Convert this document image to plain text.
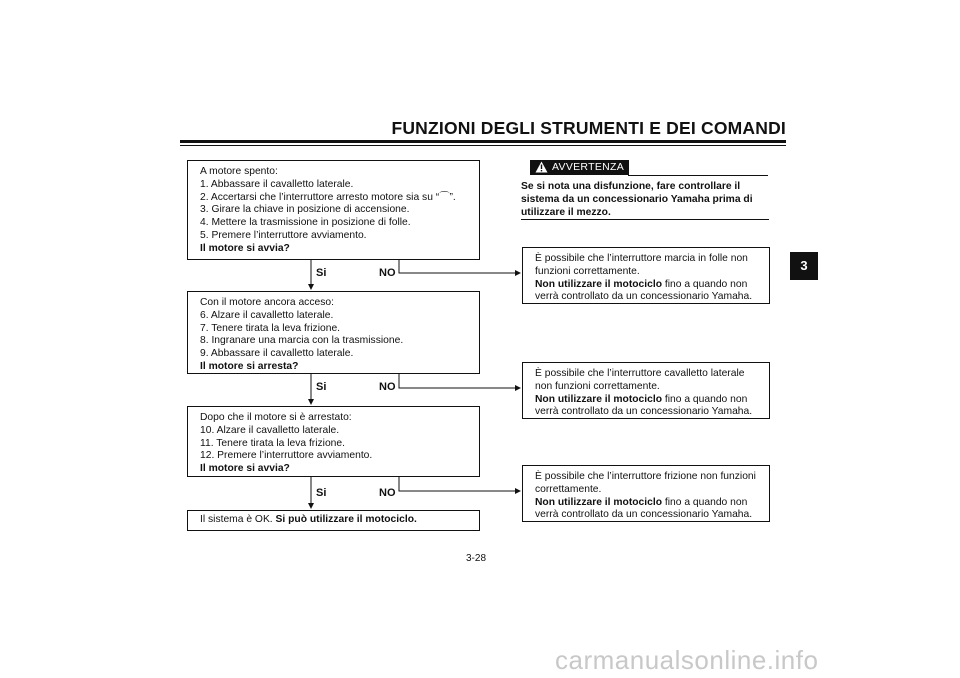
FUNZIONI DEGLI STRUMENTI E DEI COMANDI
3
A motore spento:
1. Abbassare il cavalletto laterale.
2. Accertarsi che l’interruttore arresto motore sia su “⌒”.
3. Girare la chiave in posizione di accensione.
4. Mettere la trasmissione in posizione di folle.
5. Premere l’interruttore avviamento.
Il motore si avvia?
Si	NO
Con il motore ancora acceso:
6. Alzare il cavalletto laterale.
7. Tenere tirata la leva frizione.
8. Ingranare una marcia con la trasmissione.
9. Abbassare il cavalletto laterale.
Il motore si arresta?
Si	NO
Dopo che il motore si è arrestato:
10. Alzare il cavalletto laterale.
11. Tenere tirata la leva frizione.
12. Premere l’interruttore avviamento.
Il motore si avvia?
Si	NO
Il sistema è OK. Si può utilizzare il motociclo.
AVVERTENZA
Se si nota una disfunzione, fare controllare il sistema da un concessionario Yamaha prima di utilizzare il mezzo.
È possibile che l’interruttore marcia in folle non
funzioni correttamente.
Non utilizzare il motociclo fino a quando non
verrà controllato da un concessionario Yamaha.
È possibile che l’interruttore cavalletto laterale
non funzioni correttamente.
Non utilizzare il motociclo fino a quando non
verrà controllato da un concessionario Yamaha.
È possibile che l’interruttore frizione non funzioni
correttamente.
Non utilizzare il motociclo fino a quando non
verrà controllato da un concessionario Yamaha.
3-28
carmanualsonline.info
